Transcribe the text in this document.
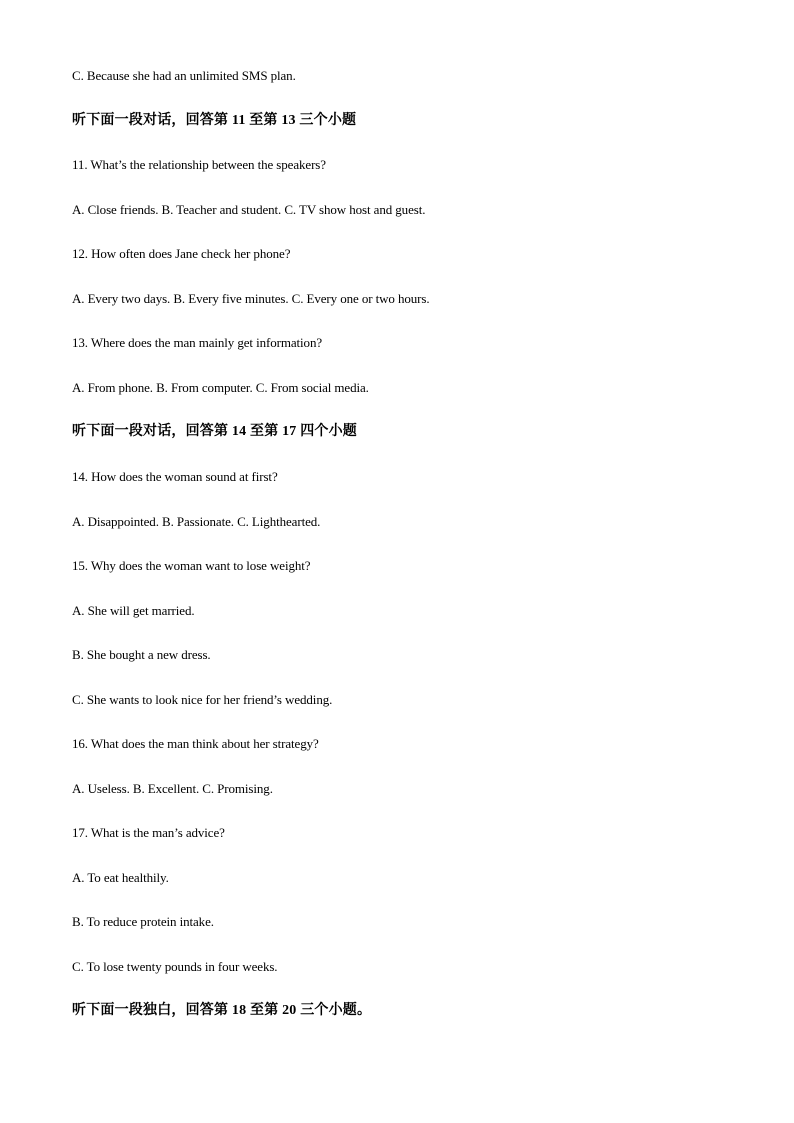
C. Because she had an unlimited SMS plan.
听下面一段对话，回答第 11 至第 13 三个小题
11. What’s the relationship between the speakers?
A. Close friends. B. Teacher and student. C. TV show host and guest.
12. How often does Jane check her phone?
A. Every two days. B. Every five minutes. C. Every one or two hours.
13. Where does the man mainly get information?
A. From phone. B. From computer. C. From social media.
听下面一段对话，回答第 14 至第 17 四个小题
14. How does the woman sound at first?
A. Disappointed. B. Passionate. C. Lighthearted.
15. Why does the woman want to lose weight?
A. She will get married.
B. She bought a new dress.
C. She wants to look nice for her friend’s wedding.
16. What does the man think about her strategy?
A. Useless. B. Excellent. C. Promising.
17. What is the man’s advice?
A. To eat healthily.
B. To reduce protein intake.
C. To lose twenty pounds in four weeks.
听下面一段独白，回答第 18 至第 20 三个小题。
